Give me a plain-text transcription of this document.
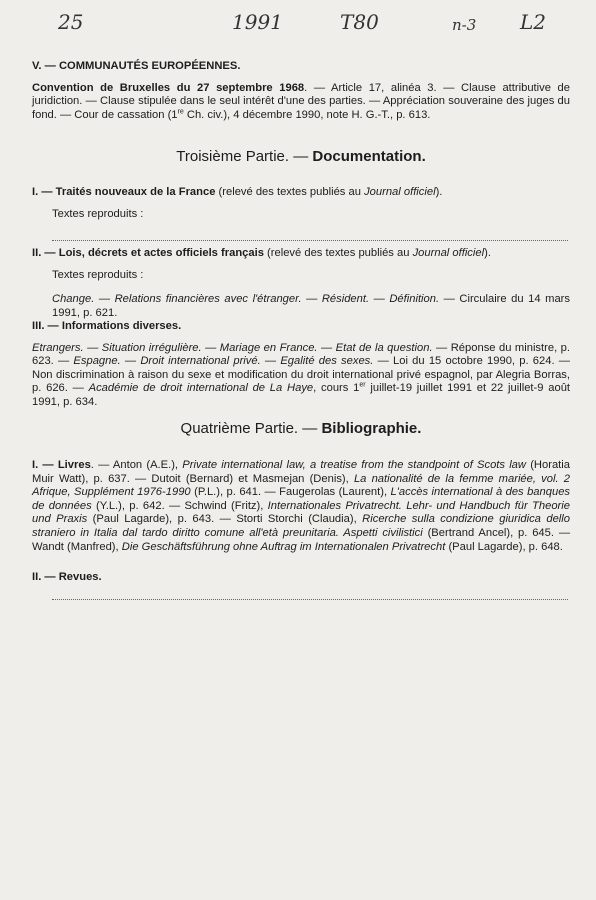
25	1991	T80	n-3 L2

V. — COMMUNAUTÉS EUROPÉENNES.

Convention de Bruxelles du 27 septembre 1968. — Article 17, alinéa 3. — Clause attributive de juridiction. — Clause stipulée dans le seul intérêt d'une des parties. — Appréciation souveraine des juges du fond. — Cour de cassation (1re Ch. civ.), 4 décembre 1990, note H. G.-T., p. 613.

Troisième Partie. — Documentation.

I. — Traités nouveaux de la France (relevé des textes publiés au Journal officiel).

Textes reproduits :

II. — Lois, décrets et actes officiels français (relevé des textes publiés au Journal officiel).

Textes reproduits :

Change. — Relations financières avec l'étranger. — Résident. — Définition. — Circulaire du 14 mars 1991, p. 621.

III. — Informations diverses.

Etrangers. — Situation irrégulière. — Mariage en France. — Etat de la question. — Réponse du ministre, p. 623. — Espagne. — Droit international privé. — Egalité des sexes. — Loi du 15 octobre 1990, p. 624. — Non discrimination à raison du sexe et modification du droit international privé espagnol, par Alegria Borras, p. 626. — Académie de droit international de La Haye, cours 1er juillet-19 juillet 1991 et 22 juillet-9 août 1991, p. 634.

Quatrième Partie. — Bibliographie.

I. — Livres. — Anton (A.E.), Private international law, a treatise from the standpoint of Scots law (Horatia Muir Watt), p. 637. — Dutoit (Bernard) et Masmejan (Denis), La nationalité de la femme mariée, vol. 2 Afrique, Supplément 1976-1990 (P.L.), p. 641. — Faugerolas (Laurent), L'accès international à des banques de données (Y.L.), p. 642. — Schwind (Fritz), Internationales Privatrecht. Lehr- und Handbuch für Theorie und Praxis (Paul Lagarde), p. 643. — Storti Storchi (Claudia), Ricerche sulla condizione giuridica dello straniero in Italia dal tardo diritto comune all'età preunitaria. Aspetti civilistici (Bertrand Ancel), p. 645. — Wandt (Manfred), Die Geschäftsführung ohne Auftrag im Internationalen Privatrecht (Paul Lagarde), p. 648.

II. — Revues.
